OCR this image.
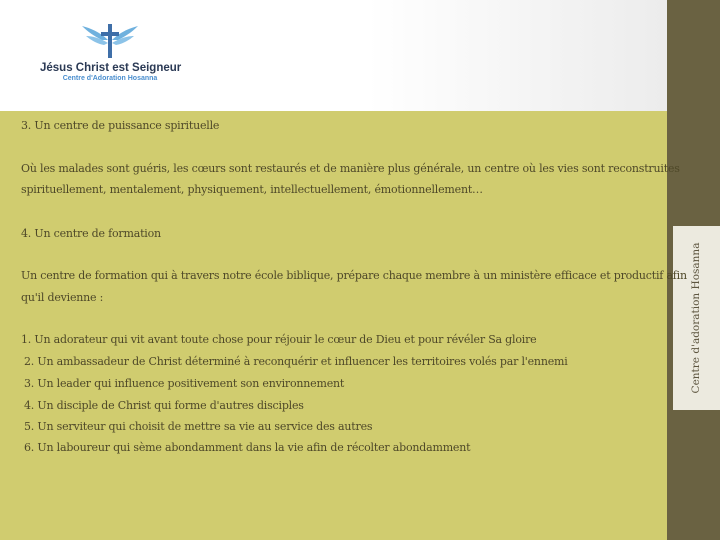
Jésus Christ est Seigneur
Centre d'Adoration Hosanna
Centre d'adoration Hosanna
3. Un centre de puissance spirituelle
Où les malades sont guéris, les cœurs sont restaurés et de manière plus générale, un centre où les vies sont reconstruites
spirituellement, mentalement, physiquement, intellectuellement, émotionnellement…
4. Un centre de formation
Un centre de formation qui à travers notre école biblique, prépare chaque membre à un ministère efficace et productif afin
qu'il devienne :
1. Un adorateur qui vit avant toute chose pour réjouir le cœur de Dieu et pour révéler Sa gloire
2. Un ambassadeur de Christ déterminé à reconquérir et influencer les territoires volés par l'ennemi
3. Un leader qui influence positivement son environnement
4. Un disciple de Christ qui forme d'autres disciples
5. Un serviteur qui choisit de mettre sa vie au service des autres
6. Un laboureur qui sème abondamment dans la vie afin de récolter abondamment
